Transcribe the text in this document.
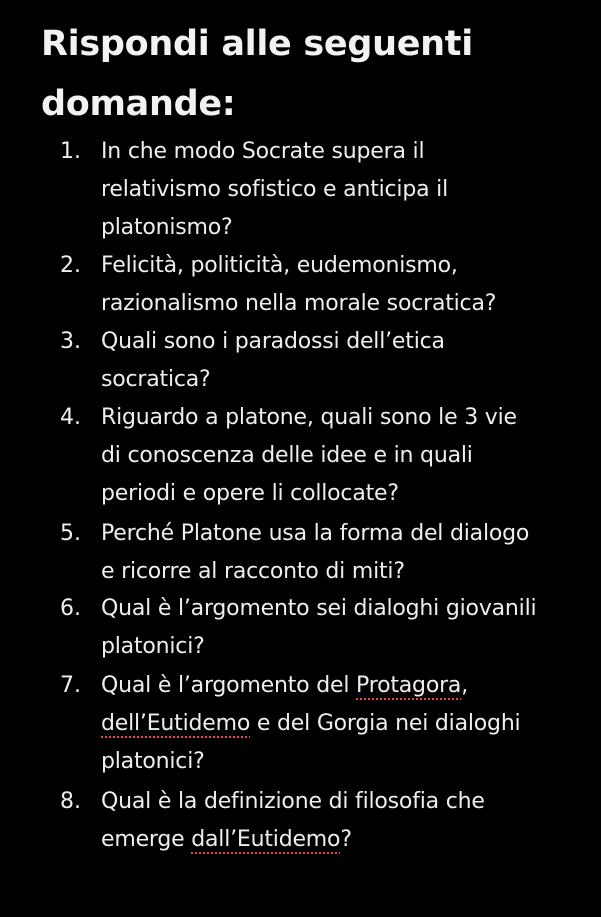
Rispondi alle seguenti
domande:
1. In che modo Socrate supera il
relativismo sofistico e anticipa il
platonismo?
2. Felicità, politicità, eudemonismo,
razionalismo nella morale socratica?
3. Quali sono i paradossi dell’etica
socratica?
4. Riguardo a platone, quali sono le 3 vie
di conoscenza delle idee e in quali
periodi e opere li collocate?
5. Perché Platone usa la forma del dialogo
e ricorre al racconto di miti?
6. Qual è l’argomento sei dialoghi giovanili
platonici?
7. Qual è l’argomento del Protagora,
dell’Eutidemo e del Gorgia nei dialoghi
platonici?
8. Qual è la definizione di filosofia che
emerge dall’Eutidemo?
